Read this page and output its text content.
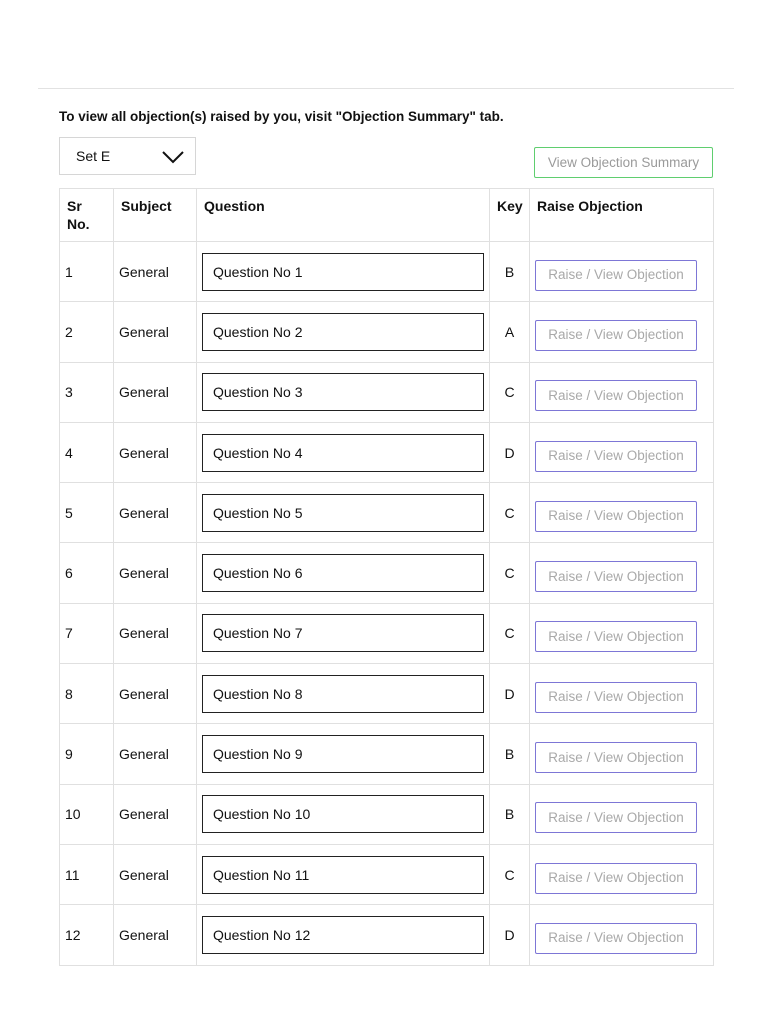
To view all objection(s) raised by you, visit "Objection Summary" tab.
Set E	View Objection Summary
Sr No.	Subject	Question	Key	Raise Objection
1	General	Question No 1	B	Raise / View Objection
2	General	Question No 2	A	Raise / View Objection
3	General	Question No 3	C	Raise / View Objection
4	General	Question No 4	D	Raise / View Objection
5	General	Question No 5	C	Raise / View Objection
6	General	Question No 6	C	Raise / View Objection
7	General	Question No 7	C	Raise / View Objection
8	General	Question No 8	D	Raise / View Objection
9	General	Question No 9	B	Raise / View Objection
10	General	Question No 10	B	Raise / View Objection
11	General	Question No 11	C	Raise / View Objection
12	General	Question No 12	D	Raise / View Objection
